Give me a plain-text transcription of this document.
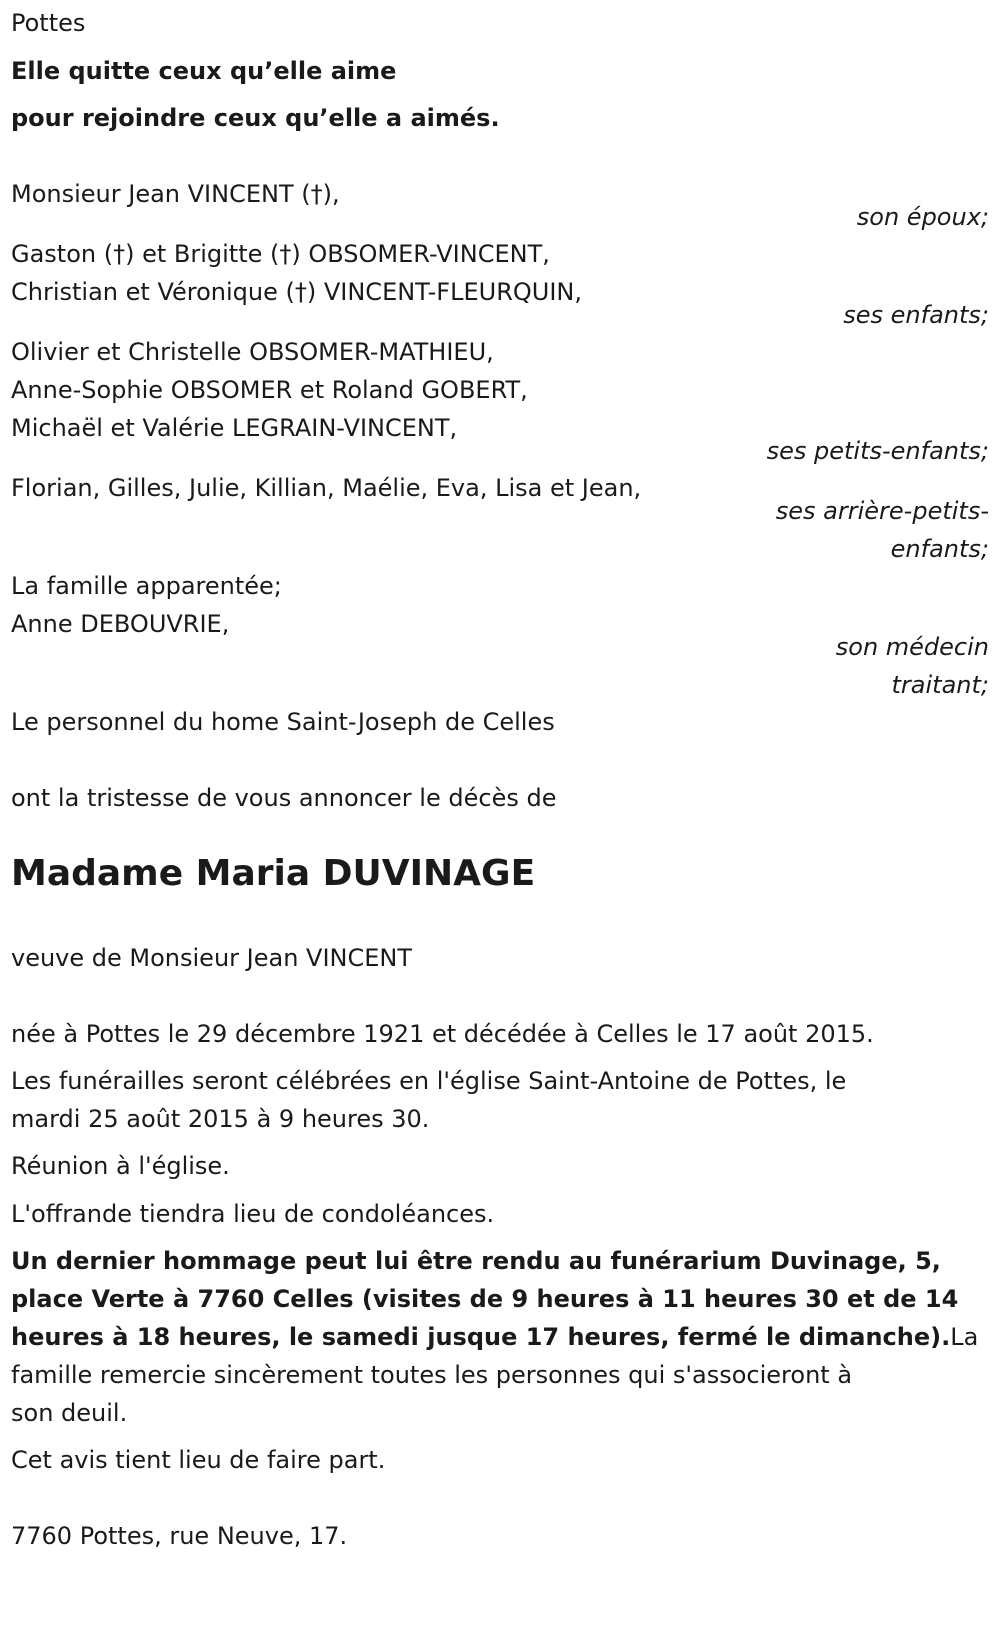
Pottes
Elle quitte ceux qu’elle aime
pour rejoindre ceux qu’elle a aimés.
Monsieur Jean VINCENT (†),
son époux;
Gaston (†) et Brigitte (†) OBSOMER-VINCENT,
Christian et Véronique (†) VINCENT-FLEURQUIN,
ses enfants;
Olivier et Christelle OBSOMER-MATHIEU,
Anne-Sophie OBSOMER et Roland GOBERT,
Michaël et Valérie LEGRAIN-VINCENT,
ses petits-enfants;
Florian, Gilles, Julie, Killian, Maélie, Eva, Lisa et Jean,
ses arrière-petits-
enfants;
La famille apparentée;
Anne DEBOUVRIE,
son médecin
traitant;
Le personnel du home Saint-Joseph de Celles
ont la tristesse de vous annoncer le décès de
Madame Maria DUVINAGE
veuve de Monsieur Jean VINCENT
née à Pottes le 29 décembre 1921 et décédée à Celles le 17 août 2015.
Les funérailles seront célébrées en l'église Saint-Antoine de Pottes, le
mardi 25 août 2015 à 9 heures 30.
Réunion à l'église.
L'offrande tiendra lieu de condoléances.
Un dernier hommage peut lui être rendu au funérarium Duvinage, 5,
place Verte à 7760 Celles (visites de 9 heures à 11 heures 30 et de 14
heures à 18 heures, le samedi jusque 17 heures, fermé le dimanche).La
famille remercie sincèrement toutes les personnes qui s'associeront à
son deuil.
Cet avis tient lieu de faire part.
7760 Pottes, rue Neuve, 17.
